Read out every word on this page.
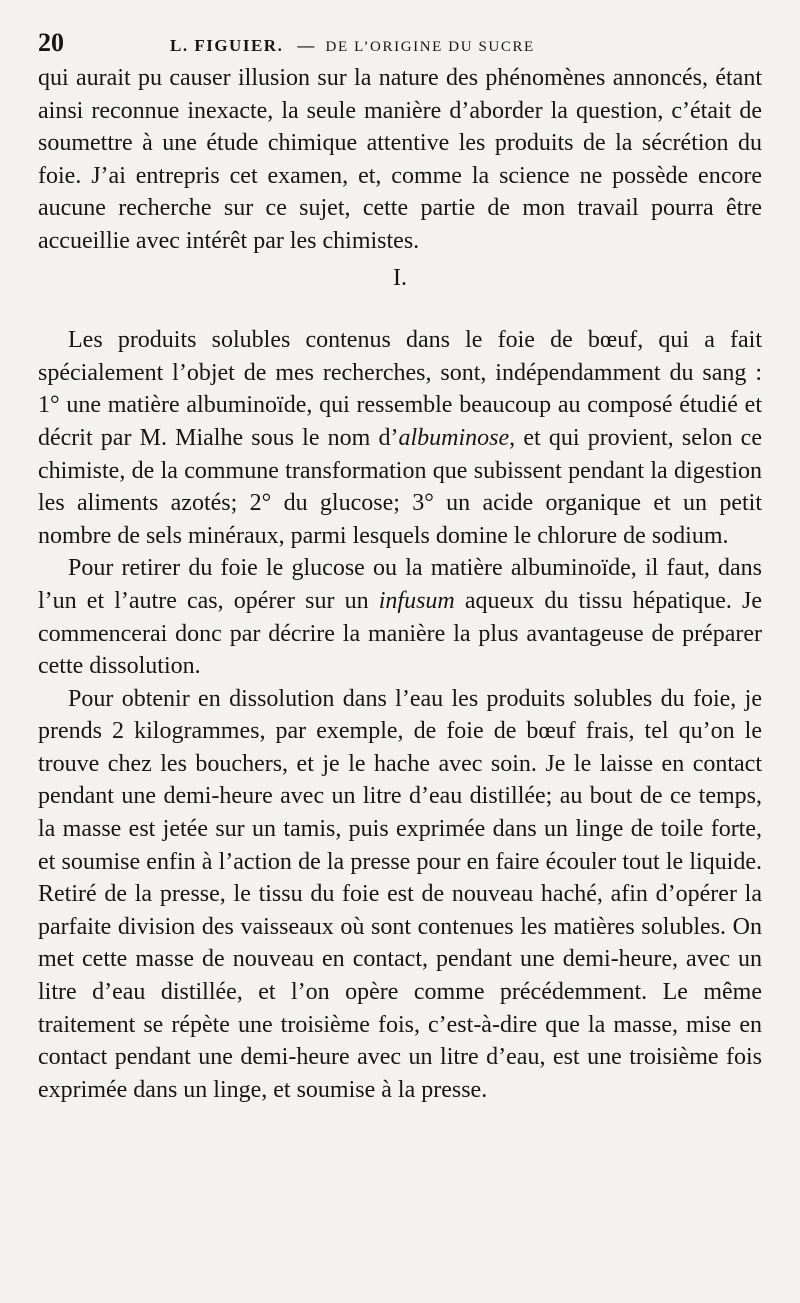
20	L. FIGUIER. — DE L’ORIGINE DU SUCRE

qui aurait pu causer illusion sur la nature des phénomènes annoncés, étant ainsi reconnue inexacte, la seule manière d’aborder la question, c’était de soumettre à une étude chimique attentive les produits de la sécrétion du foie. J’ai entrepris cet examen, et, comme la science ne possède encore aucune recherche sur ce sujet, cette partie de mon travail pourra être accueillie avec intérêt par les chimistes.

I.

Les produits solubles contenus dans le foie de bœuf, qui a fait spécialement l’objet de mes recherches, sont, indépendamment du sang : 1° une matière albuminoïde, qui ressemble beaucoup au composé étudié et décrit par M. Mialhe sous le nom d’albuminose, et qui provient, selon ce chimiste, de la commune transformation que subissent pendant la digestion les aliments azotés; 2° du glucose; 3° un acide organique et un petit nombre de sels minéraux, parmi lesquels domine le chlorure de sodium.

Pour retirer du foie le glucose ou la matière albuminoïde, il faut, dans l’un et l’autre cas, opérer sur un infusum aqueux du tissu hépatique. Je commencerai donc par décrire la manière la plus avantageuse de préparer cette dissolution.

Pour obtenir en dissolution dans l’eau les produits solubles du foie, je prends 2 kilogrammes, par exemple, de foie de bœuf frais, tel qu’on le trouve chez les bouchers, et je le hache avec soin. Je le laisse en contact pendant une demi-heure avec un litre d’eau distillée; au bout de ce temps, la masse est jetée sur un tamis, puis exprimée dans un linge de toile forte, et soumise enfin à l’action de la presse pour en faire écouler tout le liquide. Retiré de la presse, le tissu du foie est de nouveau haché, afin d’opérer la parfaite division des vaisseaux où sont contenues les matières solubles. On met cette masse de nouveau en contact, pendant une demi-heure, avec un litre d’eau distillée, et l’on opère comme précédemment. Le même traitement se répète une troisième fois, c’est-à-dire que la masse, mise en contact pendant une demi-heure avec un litre d’eau, est une troisième fois exprimée dans un linge, et soumise à la presse.
